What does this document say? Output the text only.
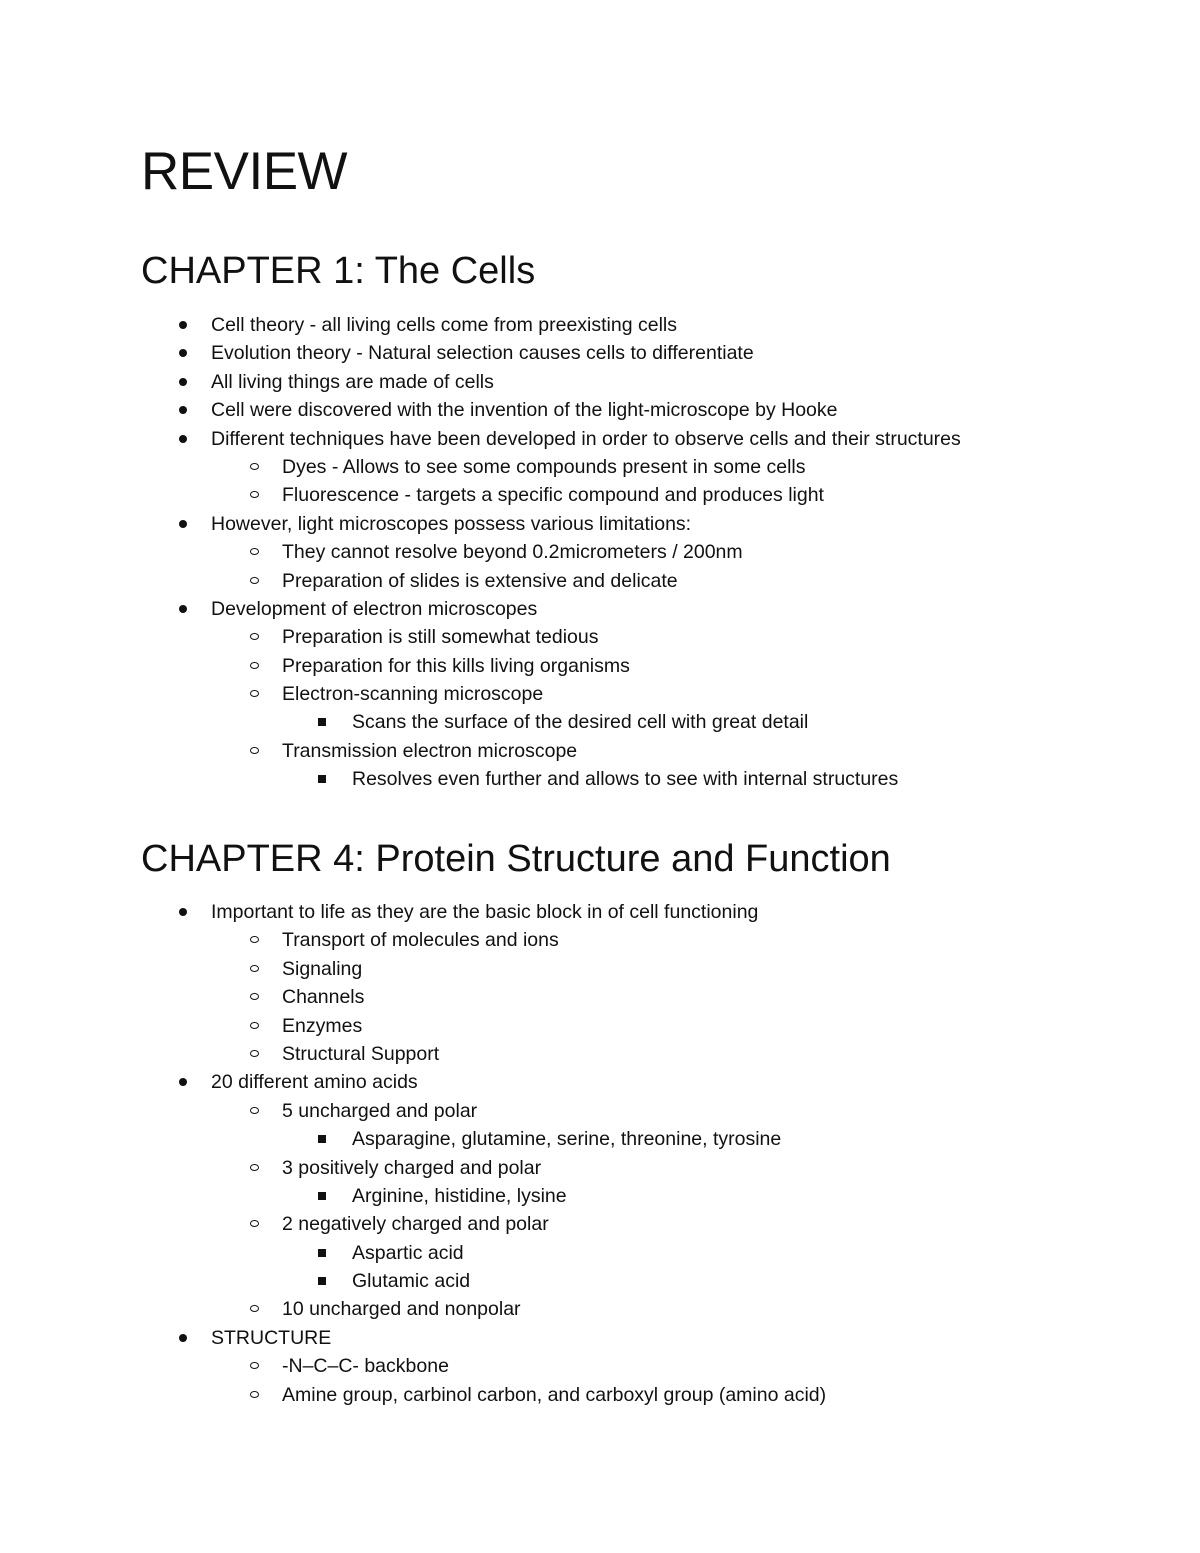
REVIEW
CHAPTER 1: The Cells
Cell theory - all living cells come from preexisting cells
Evolution theory - Natural selection causes cells to differentiate
All living things are made of cells
Cell were discovered with the invention of the light-microscope by Hooke
Different techniques have been developed in order to observe cells and their structures
Dyes - Allows to see some compounds present in some cells
Fluorescence - targets a specific compound and produces light
However, light microscopes possess various limitations:
They cannot resolve beyond 0.2micrometers / 200nm
Preparation of slides is extensive and delicate
Development of electron microscopes
Preparation is still somewhat tedious
Preparation for this kills living organisms
Electron-scanning microscope
Scans the surface of the desired cell with great detail
Transmission electron microscope
Resolves even further and allows to see with internal structures
CHAPTER 4: Protein Structure and Function
Important to life as they are the basic block in of cell functioning
Transport of molecules and ions
Signaling
Channels
Enzymes
Structural Support
20 different amino acids
5 uncharged and polar
Asparagine, glutamine, serine, threonine, tyrosine
3 positively charged and polar
Arginine, histidine, lysine
2 negatively charged and polar
Aspartic acid
Glutamic acid
10 uncharged and nonpolar
STRUCTURE
-N–C–C- backbone
Amine group, carbinol carbon, and carboxyl group (amino acid)
